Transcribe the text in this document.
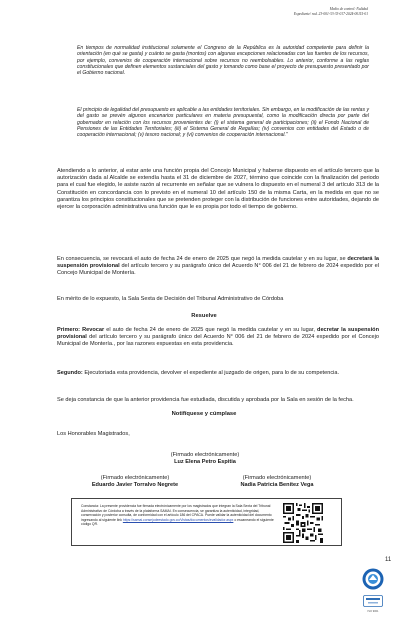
Medio de control: Nulidad
Expediente/ rad. 23-001-33-33-017-2024-00115-01

En tiempos de normalidad institucional solamente el Congreso de la República es la autoridad competente para definir la orientación (en qué se gasta) y cuánto se gasta (montos) con algunas excepciones relacionadas con las fuentes de los recursos, por ejemplo, convenios de cooperación internacional sobre recursos no reembolsables. Lo anterior, conforme a las reglas constitucionales que definen elementos sustanciales del gasto y tomando como base el proyecto de presupuesto presentado por el Gobierno nacional.

El principio de legalidad del presupuesto es aplicable a las entidades territoriales. Sin embargo, en la modificación de las rentas y del gasto se prevén algunos escenarios particulares en materia presupuestal, como la modificación directa por parte del gobernador en relación con los recursos provenientes de: (i) el sistema general de participaciones; (ii) el Fondo Nacional de Pensiones de las Entidades Territoriales; (iii) el Sistema General de Regalías; (iv) convenios con entidades del Estado o de cooperación internacional; (v) tesoro nacional; y (vi) convenios de cooperación internacional."

Atendiendo a lo anterior, al estar ante una función propia del Concejo Municipal y haberse dispuesto en el artículo tercero que la autorización dada al Alcalde se extendía hasta el 31 de diciembre de 2027, término que coincide con la finalización del periodo para el cual fue elegido, le asiste razón al recurrente en señalar que se vulnera lo dispuesto en el numeral 3 del artículo 313 de la Constitución en concordancia con lo previsto en el numeral 10 del artículo 150 de la misma Carta, en la medida en que no se garantiza los principios constitucionales que se pretenden proteger con la distribución de funciones entre autoridades, dejando de ejercer la corporación administrativa una función que le es propia por todo el tiempo de gobierno.

En consecuencia, se revocará el auto de fecha 24 de enero de 2025 que negó la medida cautelar y en su lugar, se decretará la suspensión provisional del artículo tercero y su parágrafo único del Acuerdo N° 006 del 21 de febrero de 2024 expedido por el Concejo Municipal de Montería.

En mérito de lo expuesto, la Sala Sexta de Decisión del Tribunal Administrativo de Córdoba

Resuelve

Primero: Revocar el auto de fecha 24 de enero de 2025 que negó la medida cautelar y en su lugar, decretar la suspensión provisional del artículo tercero y su parágrafo único del Acuerdo N° 006 del 21 de febrero de 2024 expedido por el Concejo Municipal de Montería., por las razones expuestas en esta providencia.

Segundo: Ejecutoriada esta providencia, devolver el expediente al juzgado de origen, para lo de su competencia.

Se deja constancia de que la anterior providencia fue estudiada, discutida y aprobada por la Sala en sesión de la fecha.

Notifíquese y cúmplase
Los Honorables Magistrados,
(Firmado electrónicamente)
Luz Elena Petro Espitia
(Firmado electrónicamente)
Eduardo Javier Torralvo Negrete
(Firmado electrónicamente)
Nadia Patricia Benítez Vega

Constancia: La presente providencia fue firmada electrónicamente por los magistrados que integran la Sala Sexta del Tribunal Administrativo de Córdoba a través de la plataforma SAMAI. En consecuencia, se garantiza la autenticidad, integridad, conservación y posterior consulta, de conformidad con el artículo 186 del CPACA. Puede validar la autenticidad del documento ingresando al siguiente link https://samai.consejodeestado.gov.co/Vistas/documentos/evalidador.aspx o escaneando el siguiente código QR.

11
ISO 9001
